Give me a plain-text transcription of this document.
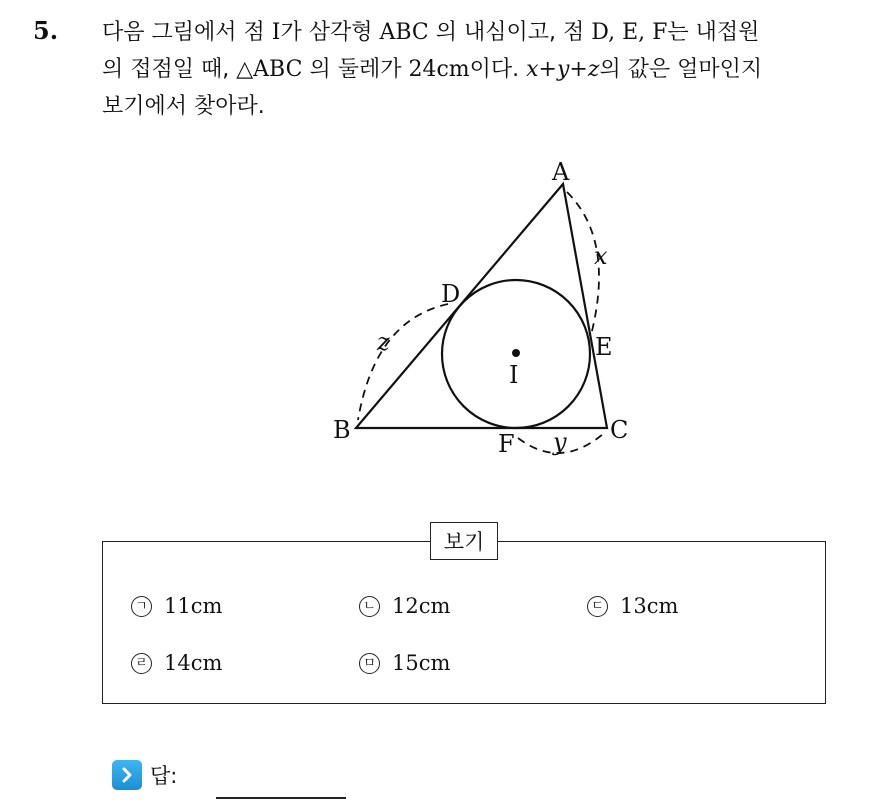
5. 다음 그림에서 점 I가 삼각형 ABC 의 내심이고, 점 D, E, F는 내접원
의 접점일 때, △ABC 의 둘레가 24cm이다. x+y+z의 값은 얼마인지
보기에서 찾아라.
A
B	C
D
E
F
I
x
y
z
보기
ㄱ 11cm	ㄴ 12cm	ㄷ 13cm
ㄹ 14cm	ㅁ 15cm
답:
